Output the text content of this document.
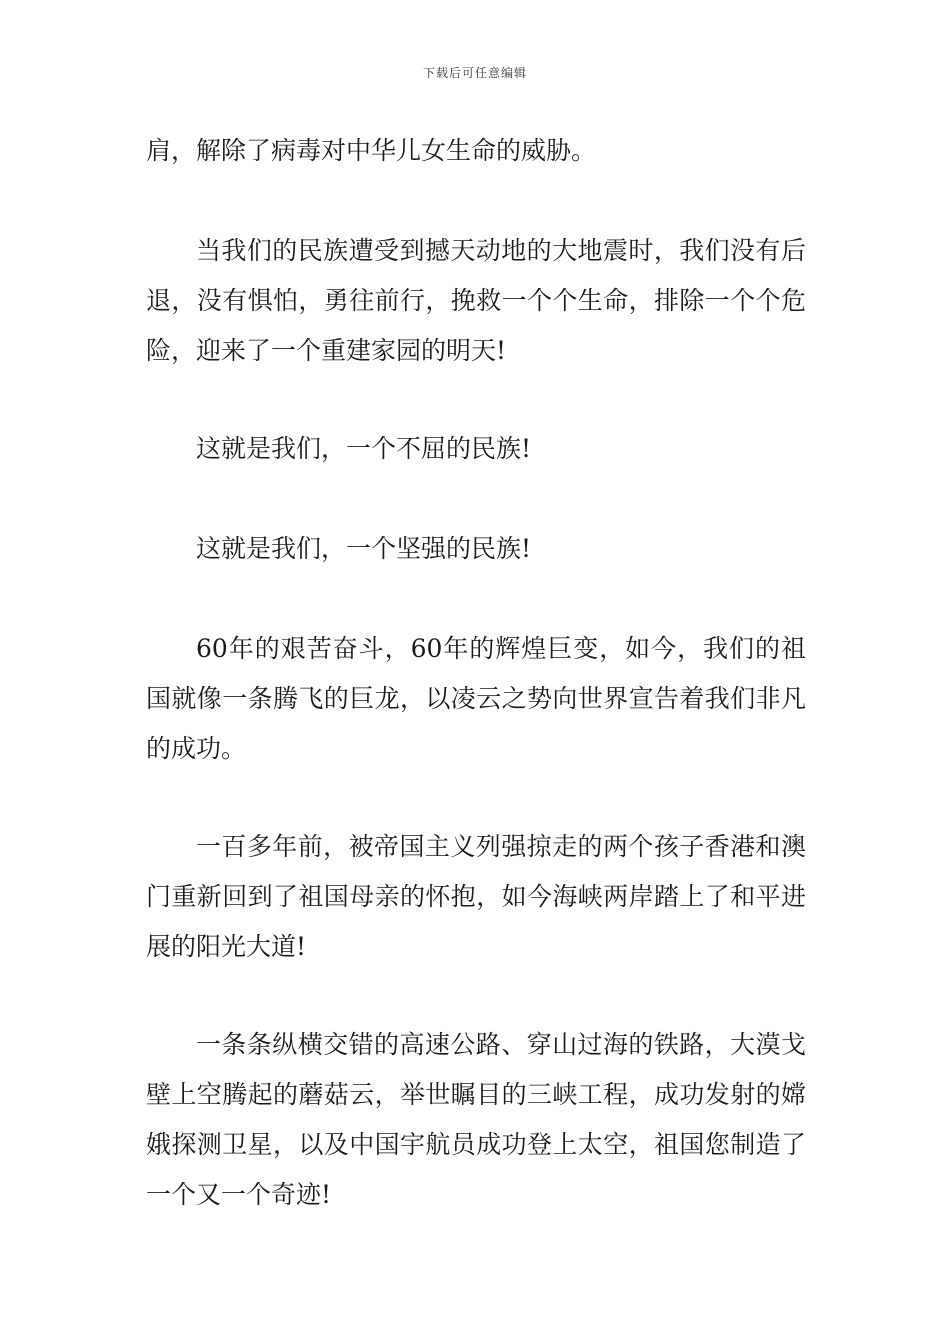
下载后可任意编辑

肩，解除了病毒对中华儿女生命的威胁。

当我们的民族遭受到撼天动地的大地震时，我们没有后退，没有惧怕，勇往前行，挽救一个个生命，排除一个个危险，迎来了一个重建家园的明天!

这就是我们，一个不屈的民族!

这就是我们，一个坚强的民族!

60年的艰苦奋斗，60年的辉煌巨变，如今，我们的祖国就像一条腾飞的巨龙，以凌云之势向世界宣告着我们非凡的成功。

一百多年前，被帝国主义列强掠走的两个孩子香港和澳门重新回到了祖国母亲的怀抱，如今海峡两岸踏上了和平进展的阳光大道!

一条条纵横交错的高速公路、穿山过海的铁路，大漠戈壁上空腾起的蘑菇云，举世瞩目的三峡工程，成功发射的嫦娥探测卫星，以及中国宇航员成功登上太空，祖国您制造了一个又一个奇迹!
